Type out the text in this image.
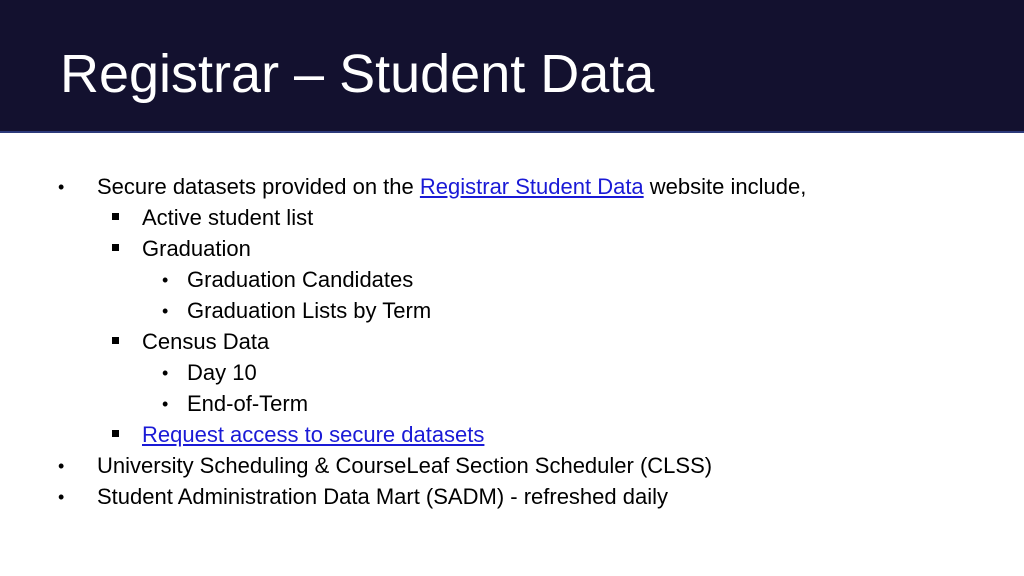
Registrar – Student Data
• Secure datasets provided on the Registrar Student Data website include,
Active student list
Graduation
• Graduation Candidates
• Graduation Lists by Term
Census Data
• Day 10
• End-of-Term
Request access to secure datasets
• University Scheduling & CourseLeaf Section Scheduler (CLSS)
• Student Administration Data Mart (SADM) - refreshed daily
